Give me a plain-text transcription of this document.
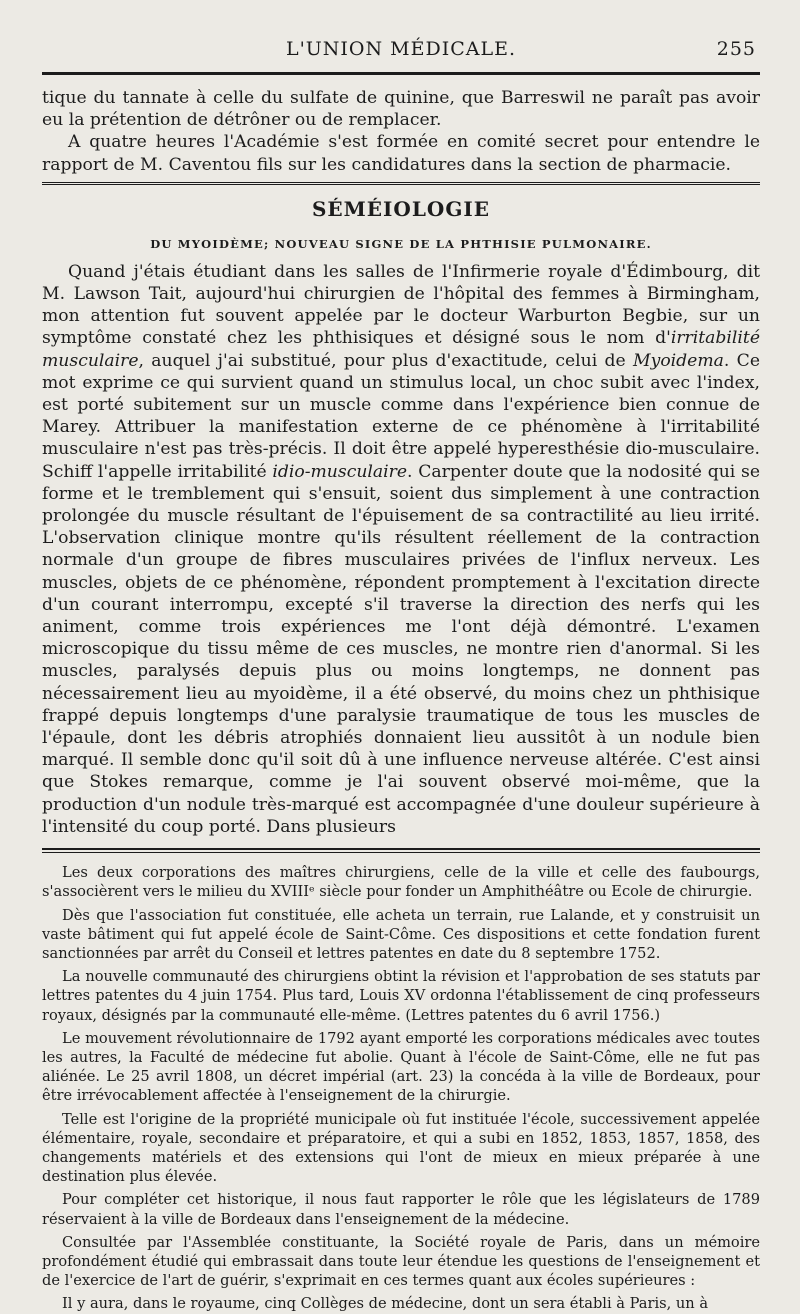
L'UNION MÉDICALE.	255

tique du tannate à celle du sulfate de quinine, que Barreswil ne paraît pas avoir eu la prétention de détrôner ou de remplacer.

A quatre heures l'Académie s'est formée en comité secret pour entendre le rapport de M. Caventou fils sur les candidatures dans la section de pharmacie.

SÉMÉIOLOGIE
DU MYOIDÈME; NOUVEAU SIGNE DE LA PHTHISIE PULMONAIRE.

Quand j'étais étudiant dans les salles de l'Infirmerie royale d'Édimbourg, dit M. Lawson Tait, aujourd'hui chirurgien de l'hôpital des femmes à Birmingham, mon attention fut souvent appelée par le docteur Warburton Begbie, sur un symptôme constaté chez les phthisiques et désigné sous le nom d'irritabilité musculaire, auquel j'ai substitué, pour plus d'exactitude, celui de Myoidema. Ce mot exprime ce qui survient quand un stimulus local, un choc subit avec l'index, est porté subitement sur un muscle comme dans l'expérience bien connue de Marey. Attribuer la manifestation externe de ce phénomène à l'irritabilité musculaire n'est pas très-précis. Il doit être appelé hyperesthésie dio-musculaire. Schiff l'appelle irritabilité idio-musculaire. Carpenter doute que la nodosité qui se forme et le tremblement qui s'ensuit, soient dus simplement à une contraction prolongée du muscle résultant de l'épuisement de sa contractilité au lieu irrité. L'observation clinique montre qu'ils résultent réellement de la contraction normale d'un groupe de fibres musculaires privées de l'influx nerveux. Les muscles, objets de ce phénomène, répondent promptement à l'excitation directe d'un courant interrompu, excepté s'il traverse la direction des nerfs qui les animent, comme trois expériences me l'ont déjà démontré. L'examen microscopique du tissu même de ces muscles, ne montre rien d'anormal. Si les muscles, paralysés depuis plus ou moins longtemps, ne donnent pas nécessairement lieu au myoidème, il a été observé, du moins chez un phthisique frappé depuis longtemps d'une paralysie traumatique de tous les muscles de l'épaule, dont les débris atrophiés donnaient lieu aussitôt à un nodule bien marqué. Il semble donc qu'il soit dû à une influence nerveuse altérée. C'est ainsi que Stokes remarque, comme je l'ai souvent observé moi-même, que la production d'un nodule très-marqué est accompagnée d'une douleur supérieure à l'intensité du coup porté. Dans plusieurs

Les deux corporations des maîtres chirurgiens, celle de la ville et celle des faubourgs, s'associèrent vers le milieu du XVIIIᵉ siècle pour fonder un Amphithéâtre ou Ecole de chirurgie.

Dès que l'association fut constituée, elle acheta un terrain, rue Lalande, et y construisit un vaste bâtiment qui fut appelé école de Saint-Côme. Ces dispositions et cette fondation furent sanctionnées par arrêt du Conseil et lettres patentes en date du 8 septembre 1752.

La nouvelle communauté des chirurgiens obtint la révision et l'approbation de ses statuts par lettres patentes du 4 juin 1754. Plus tard, Louis XV ordonna l'établissement de cinq professeurs royaux, désignés par la communauté elle-même. (Lettres patentes du 6 avril 1756.)

Le mouvement révolutionnaire de 1792 ayant emporté les corporations médicales avec toutes les autres, la Faculté de médecine fut abolie. Quant à l'école de Saint-Côme, elle ne fut pas aliénée. Le 25 avril 1808, un décret impérial (art. 23) la concéda à la ville de Bordeaux, pour être irrévocablement affectée à l'enseignement de la chirurgie.

Telle est l'origine de la propriété municipale où fut instituée l'école, successivement appelée élémentaire, royale, secondaire et préparatoire, et qui a subi en 1852, 1853, 1857, 1858, des changements matériels et des extensions qui l'ont de mieux en mieux préparée à une destination plus élevée.

Pour compléter cet historique, il nous faut rapporter le rôle que les législateurs de 1789 réservaient à la ville de Bordeaux dans l'enseignement de la médecine.

Consultée par l'Assemblée constituante, la Société royale de Paris, dans un mémoire profondément étudié qui embrassait dans toute leur étendue les questions de l'enseignement et de l'exercice de l'art de guérir, s'exprimait en ces termes quant aux écoles supérieures :

Il y aura, dans le royaume, cinq Collèges de médecine, dont un sera établi à Paris, un à
